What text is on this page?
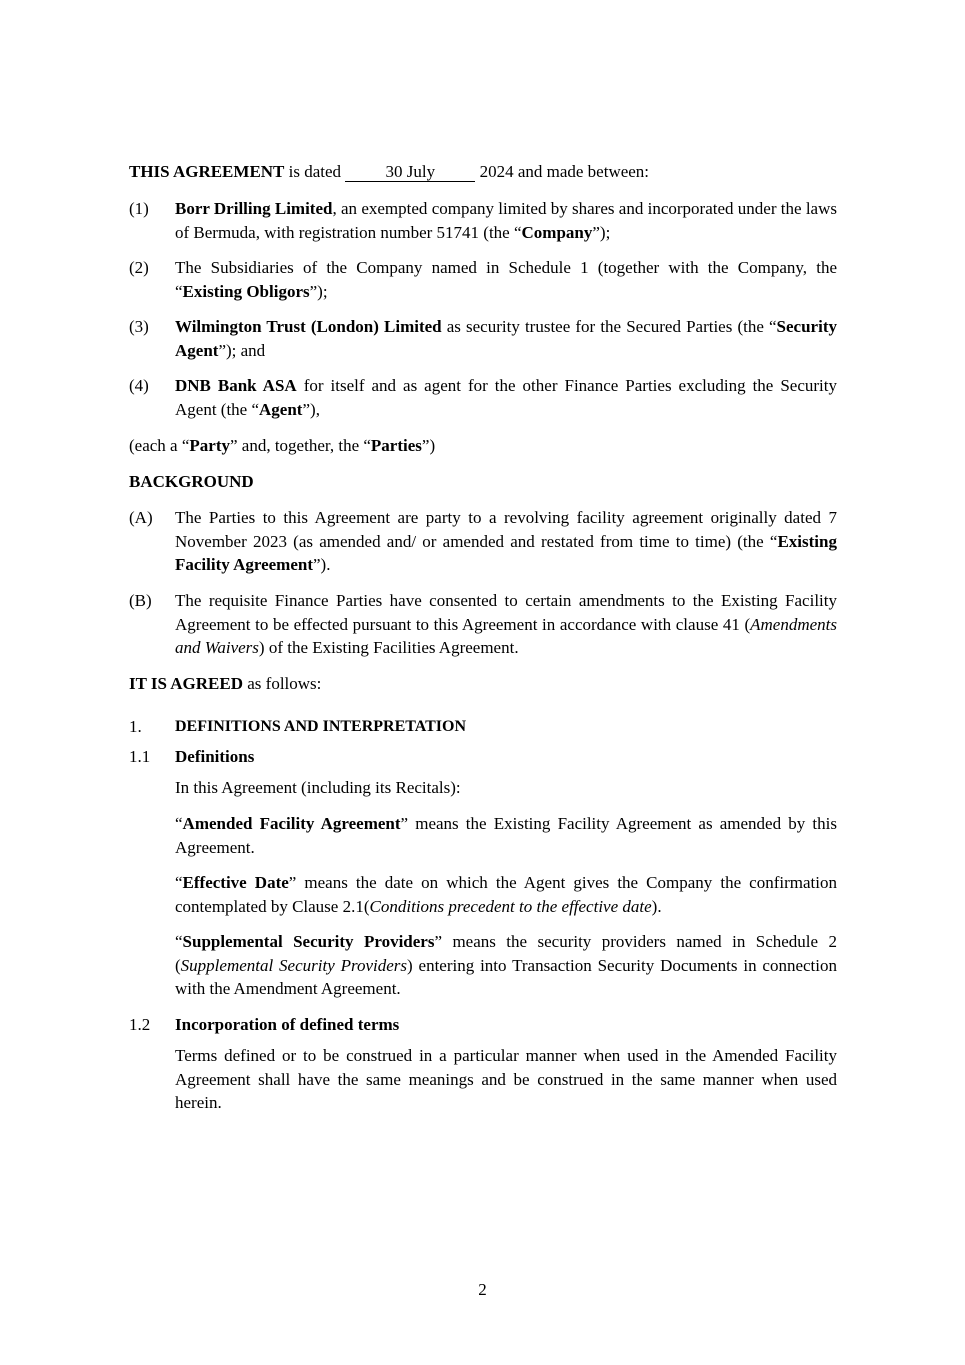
THIS AGREEMENT is dated 30 July 2024 and made between:

(1) Borr Drilling Limited, an exempted company limited by shares and incorporated under the laws of Bermuda, with registration number 51741 (the “Company”);

(2) The Subsidiaries of the Company named in Schedule 1 (together with the Company, the “Existing Obligors”);

(3) Wilmington Trust (London) Limited as security trustee for the Secured Parties (the “Security Agent”); and

(4) DNB Bank ASA for itself and as agent for the other Finance Parties excluding the Security Agent (the “Agent”),

(each a “Party” and, together, the “Parties”)

BACKGROUND

(A) The Parties to this Agreement are party to a revolving facility agreement originally dated 7 November 2023 (as amended and/ or amended and restated from time to time) (the “Existing Facility Agreement”).

(B) The requisite Finance Parties have consented to certain amendments to the Existing Facility Agreement to be effected pursuant to this Agreement in accordance with clause 41 (Amendments and Waivers) of the Existing Facilities Agreement.

IT IS AGREED as follows:

1. DEFINITIONS AND INTERPRETATION

1.1 Definitions

In this Agreement (including its Recitals):

“Amended Facility Agreement” means the Existing Facility Agreement as amended by this Agreement.

“Effective Date” means the date on which the Agent gives the Company the confirmation contemplated by Clause 2.1(Conditions precedent to the effective date).

“Supplemental Security Providers” means the security providers named in Schedule 2 (Supplemental Security Providers) entering into Transaction Security Documents in connection with the Amendment Agreement.

1.2 Incorporation of defined terms

Terms defined or to be construed in a particular manner when used in the Amended Facility Agreement shall have the same meanings and be construed in the same manner when used herein.

2
